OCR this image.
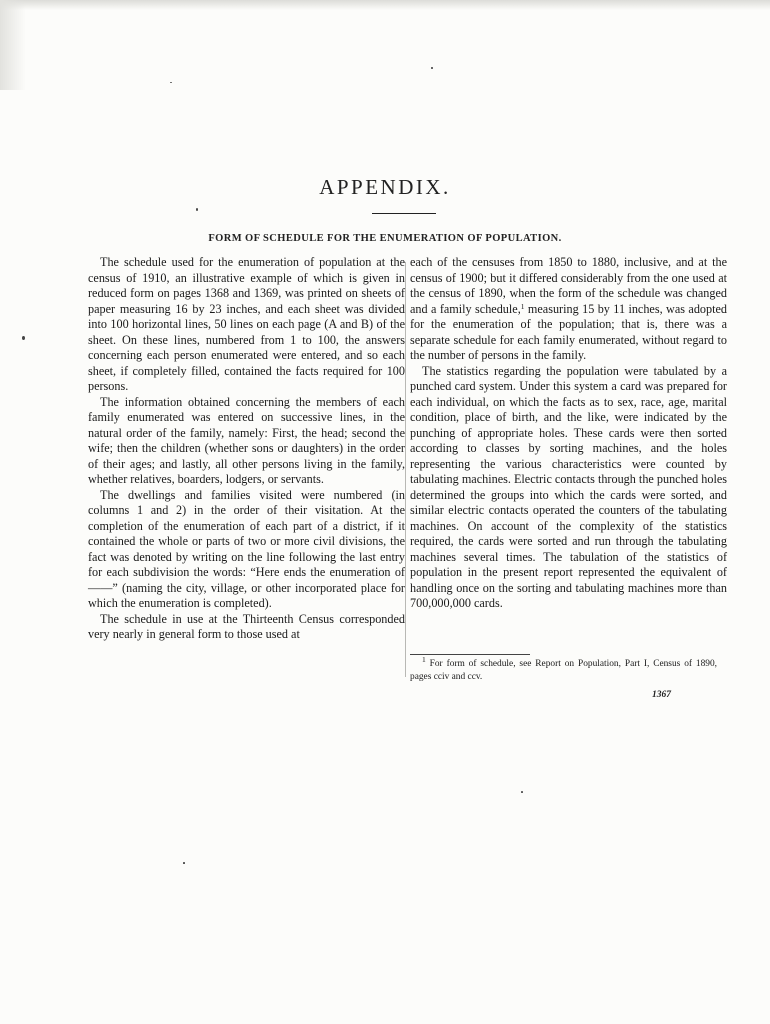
APPENDIX.
FORM OF SCHEDULE FOR THE ENUMERATION OF POPULATION.

The schedule used for the enumeration of population at the census of 1910, an illustrative example of which is given in reduced form on pages 1368 and 1369, was printed on sheets of paper measuring 16 by 23 inches, and each sheet was divided into 100 horizontal lines, 50 lines on each page (A and B) of the sheet. On these lines, numbered from 1 to 100, the answers concerning each person enumerated were entered, and so each sheet, if completely filled, contained the facts required for 100 persons.

The information obtained concerning the members of each family enumerated was entered on successive lines, in the natural order of the family, namely: First, the head; second the wife; then the children (whether sons or daughters) in the order of their ages; and lastly, all other persons living in the family, whether relatives, boarders, lodgers, or servants.

The dwellings and families visited were numbered (in columns 1 and 2) in the order of their visitation. At the completion of the enumeration of each part of a district, if it contained the whole or parts of two or more civil divisions, the fact was denoted by writing on the line following the last entry for each subdivision the words: “Here ends the enumeration of ——” (naming the city, village, or other incorporated place for which the enumeration is completed).

The schedule in use at the Thirteenth Census corresponded very nearly in general form to those used at

each of the censuses from 1850 to 1880, inclusive, and at the census of 1900; but it differed considerably from the one used at the census of 1890, when the form of the schedule was changed and a family schedule,$^1$ measuring 15 by 11 inches, was adopted for the enumeration of the population; that is, there was a separate schedule for each family enumerated, without regard to the number of persons in the family.

The statistics regarding the population were tabulated by a punched card system. Under this system a card was prepared for each individual, on which the facts as to sex, race, age, marital condition, place of birth, and the like, were indicated by the punching of appropriate holes. These cards were then sorted according to classes by sorting machines, and the holes representing the various characteristics were counted by tabulating machines. Electric contacts through the punched holes determined the groups into which the cards were sorted, and similar electric contacts operated the counters of the tabulating machines. On account of the complexity of the statistics required, the cards were sorted and run through the tabulating machines several times. The tabulation of the statistics of population in the present report represented the equivalent of handling once on the sorting and tabulating machines more than 700,000,000 cards.

$^1$ For form of schedule, see Report on Population, Part I, Census of 1890, pages cciv and ccv.

1367
